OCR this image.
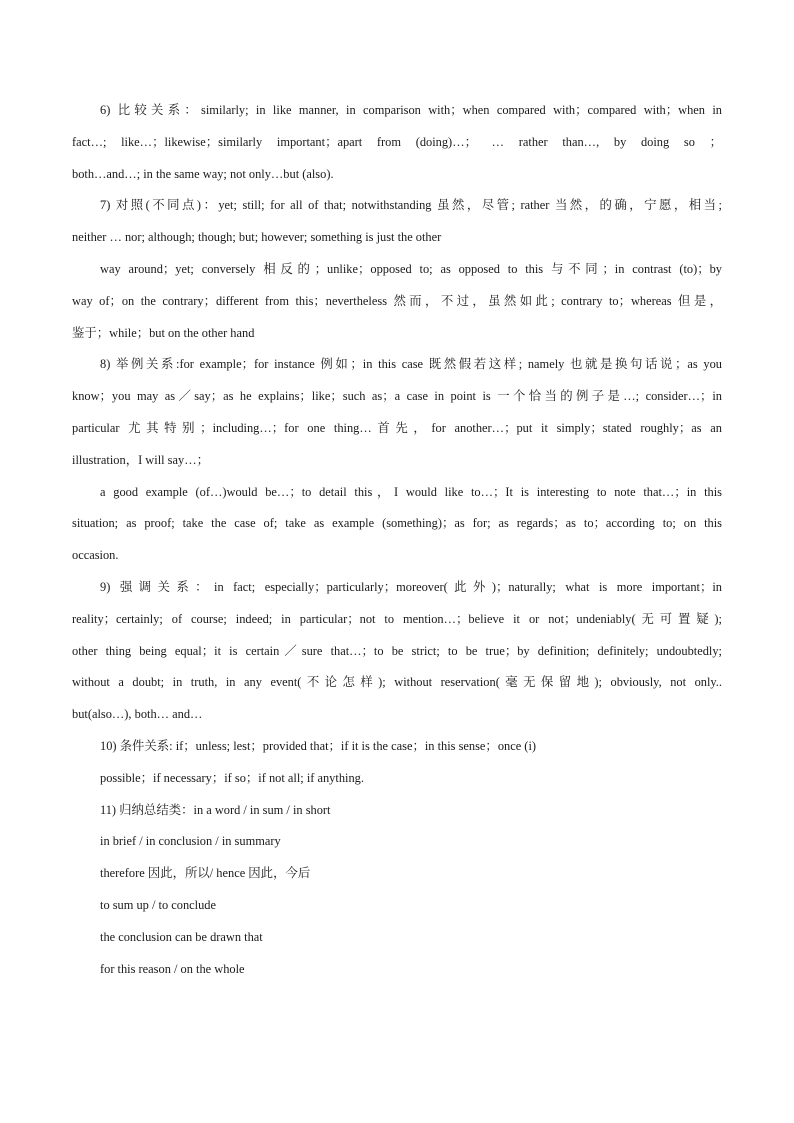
6) 比较关系：similarly; in like manner, in comparison with；when compared with；compared with；when in
fact…; like…；likewise；similarly important；apart from (doing)…； … rather than…, by doing so ；
both…and…; in the same way; not only…but (also).
7) 对照(不同点)：yet; still; for all of that; notwithstanding 虽然，尽管; rather 当然，的确，宁愿，相当;
neither … nor; although; though; but; however; something is just the other
way around；yet; conversely 相反的；unlike；opposed to; as opposed to this 与不同；in contrast (to)；by
way of；on the contrary；different from this；nevertheless 然而，不过，虽然如此; contrary to；whereas 但是，
鉴于；while；but on the other hand
8) 举例关系:for example；for instance 例如；in this case 既然假若这样; namely 也就是换句话说；as you
know；you may as／say；as he explains；like；such as；a case in point is 一个恰当的例子是…; consider…；in
particular 尤其特别；including…；for one thing…首先，for another…；put it simply；stated roughly；as an
illustration，I will say…；
a good example (of…)would be…；to detail this，I would like to…；It is interesting to note that…；in this
situation; as proof; take the case of; take as example (something)；as for; as regards；as to；according to; on this
occasion.
9) 强调关系：in fact; especially；particularly；moreover(此外)；naturally; what is more important；in
reality；certainly; of course; indeed; in particular；not to mention…；believe it or not；undeniably(无可置疑);
other thing being equal；it is certain／sure that…；to be strict; to be true；by definition; definitely; undoubtedly;
without a doubt; in truth, in any event(不论怎样); without reservation(毫无保留地); obviously, not only..
but(also…), both… and…
10) 条件关系: if；unless; lest；provided that；if it is the case；in this sense；once (i)
possible；if necessary；if so；if not all; if anything.
11) 归纳总结类：in a word / in sum / in short
in brief / in conclusion / in summary
therefore 因此，所以/ hence 因此，今后
to sum up / to conclude
the conclusion can be drawn that
for this reason / on the whole
